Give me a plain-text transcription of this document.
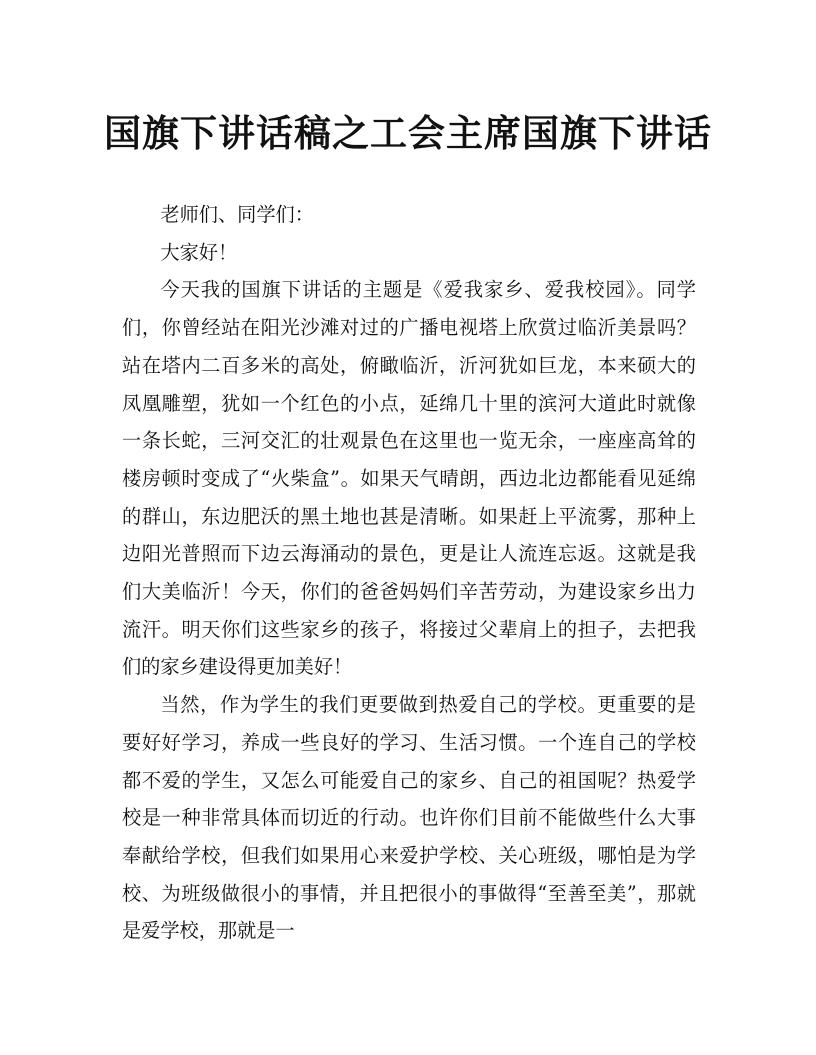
国旗下讲话稿之工会主席国旗下讲话

老师们、同学们：

大家好！

今天我的国旗下讲话的主题是《爱我家乡、爱我校园》。同学们，你曾经站在阳光沙滩对过的广播电视塔上欣赏过临沂美景吗？站在塔内二百多米的高处，俯瞰临沂，沂河犹如巨龙，本来硕大的凤凰雕塑，犹如一个红色的小点，延绵几十里的滨河大道此时就像一条长蛇，三河交汇的壮观景色在这里也一览无余，一座座高耸的楼房顿时变成了“火柴盒”。如果天气晴朗，西边北边都能看见延绵的群山，东边肥沃的黑土地也甚是清晰。如果赶上平流雾，那种上边阳光普照而下边云海涌动的景色，更是让人流连忘返。这就是我们大美临沂！今天，你们的爸爸妈妈们辛苦劳动，为建设家乡出力流汗。明天你们这些家乡的孩子，将接过父辈肩上的担子，去把我们的家乡建设得更加美好！

当然，作为学生的我们更要做到热爱自己的学校。更重要的是要好好学习，养成一些良好的学习、生活习惯。一个连自己的学校都不爱的学生，又怎么可能爱自己的家乡、自己的祖国呢？热爱学校是一种非常具体而切近的行动。也许你们目前不能做些什么大事奉献给学校，但我们如果用心来爱护学校、关心班级，哪怕是为学校、为班级做很小的事情，并且把很小的事做得“至善至美”，那就是爱学校，那就是一
